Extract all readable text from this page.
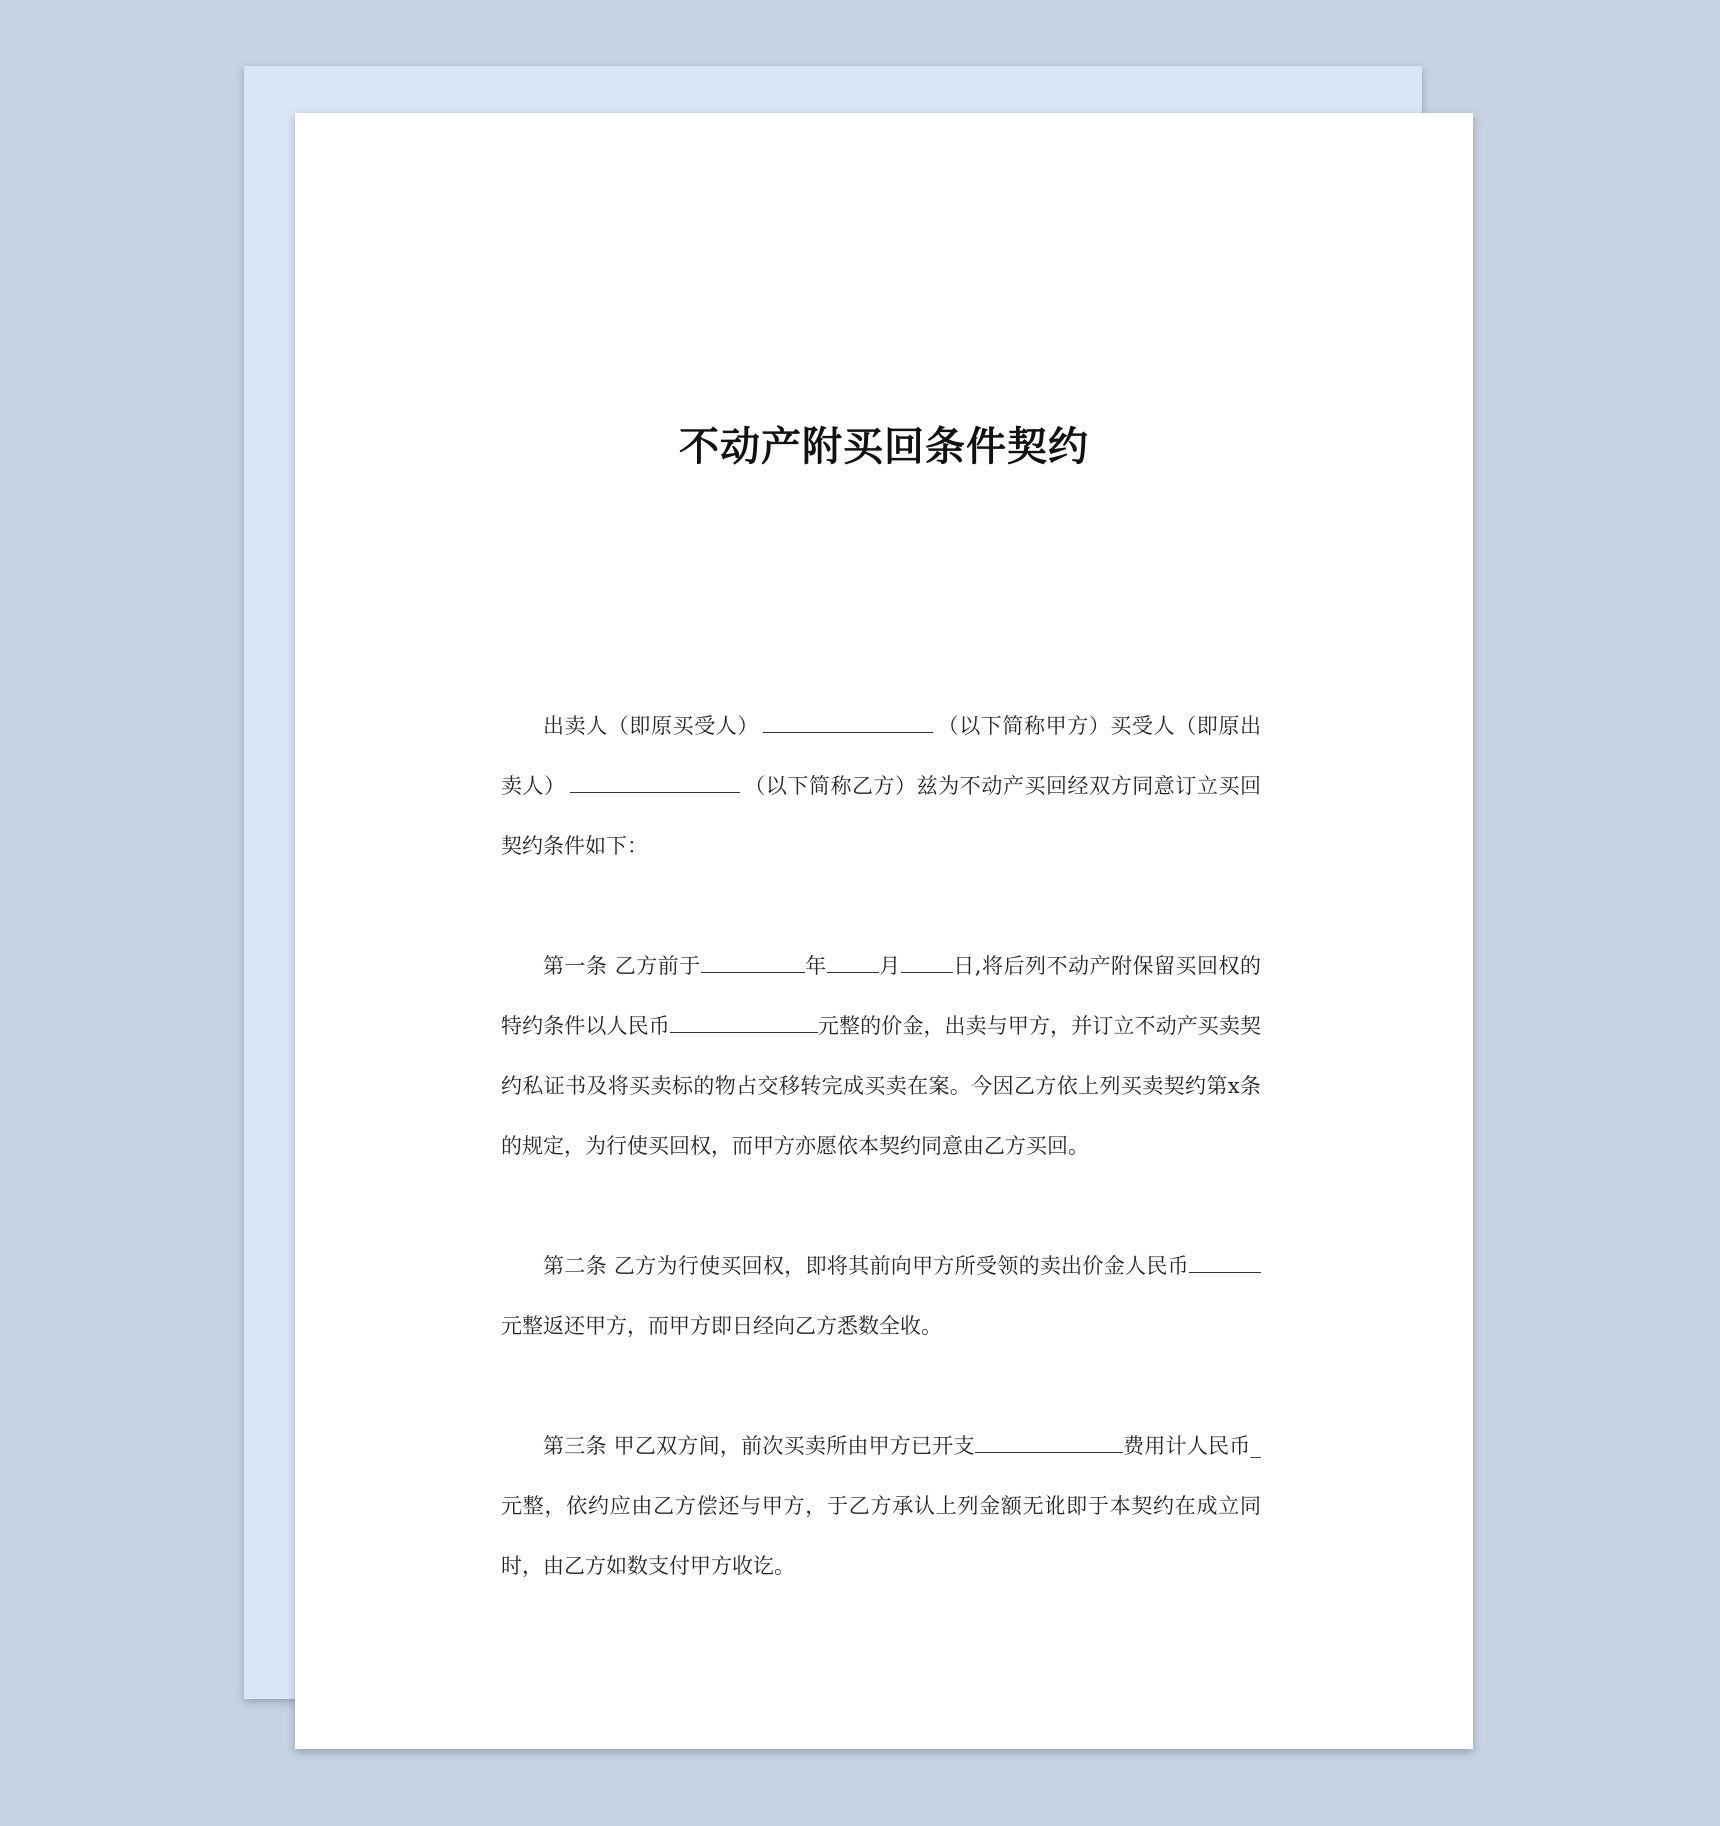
不动产附买回条件契约

出卖人（即原买受人）	（以下简称甲方）买受人（即原出卖人）	（以下简称乙方）兹为不动产买回经双方同意订立买回契约条件如下：

第一条 乙方前于	年 月 日,将后列不动产附保留买回权的特约条件以人民币	元整的价金，出卖与甲方，并订立不动产买卖契约私证书及将买卖标的物占交移转完成买卖在案。今因乙方依上列买卖契约第x条的规定，为行使买回权，而甲方亦愿依本契约同意由乙方买回。

第二条 乙方为行使买回权，即将其前向甲方所受领的卖出价金人民币元整返还甲方，而甲方即日经向乙方悉数全收。

第三条 甲乙双方间，前次买卖所由甲方已开支	费用计人民币_元整，依约应由乙方偿还与甲方，于乙方承认上列金额无讹即于本契约在成立同时，由乙方如数支付甲方收讫。
